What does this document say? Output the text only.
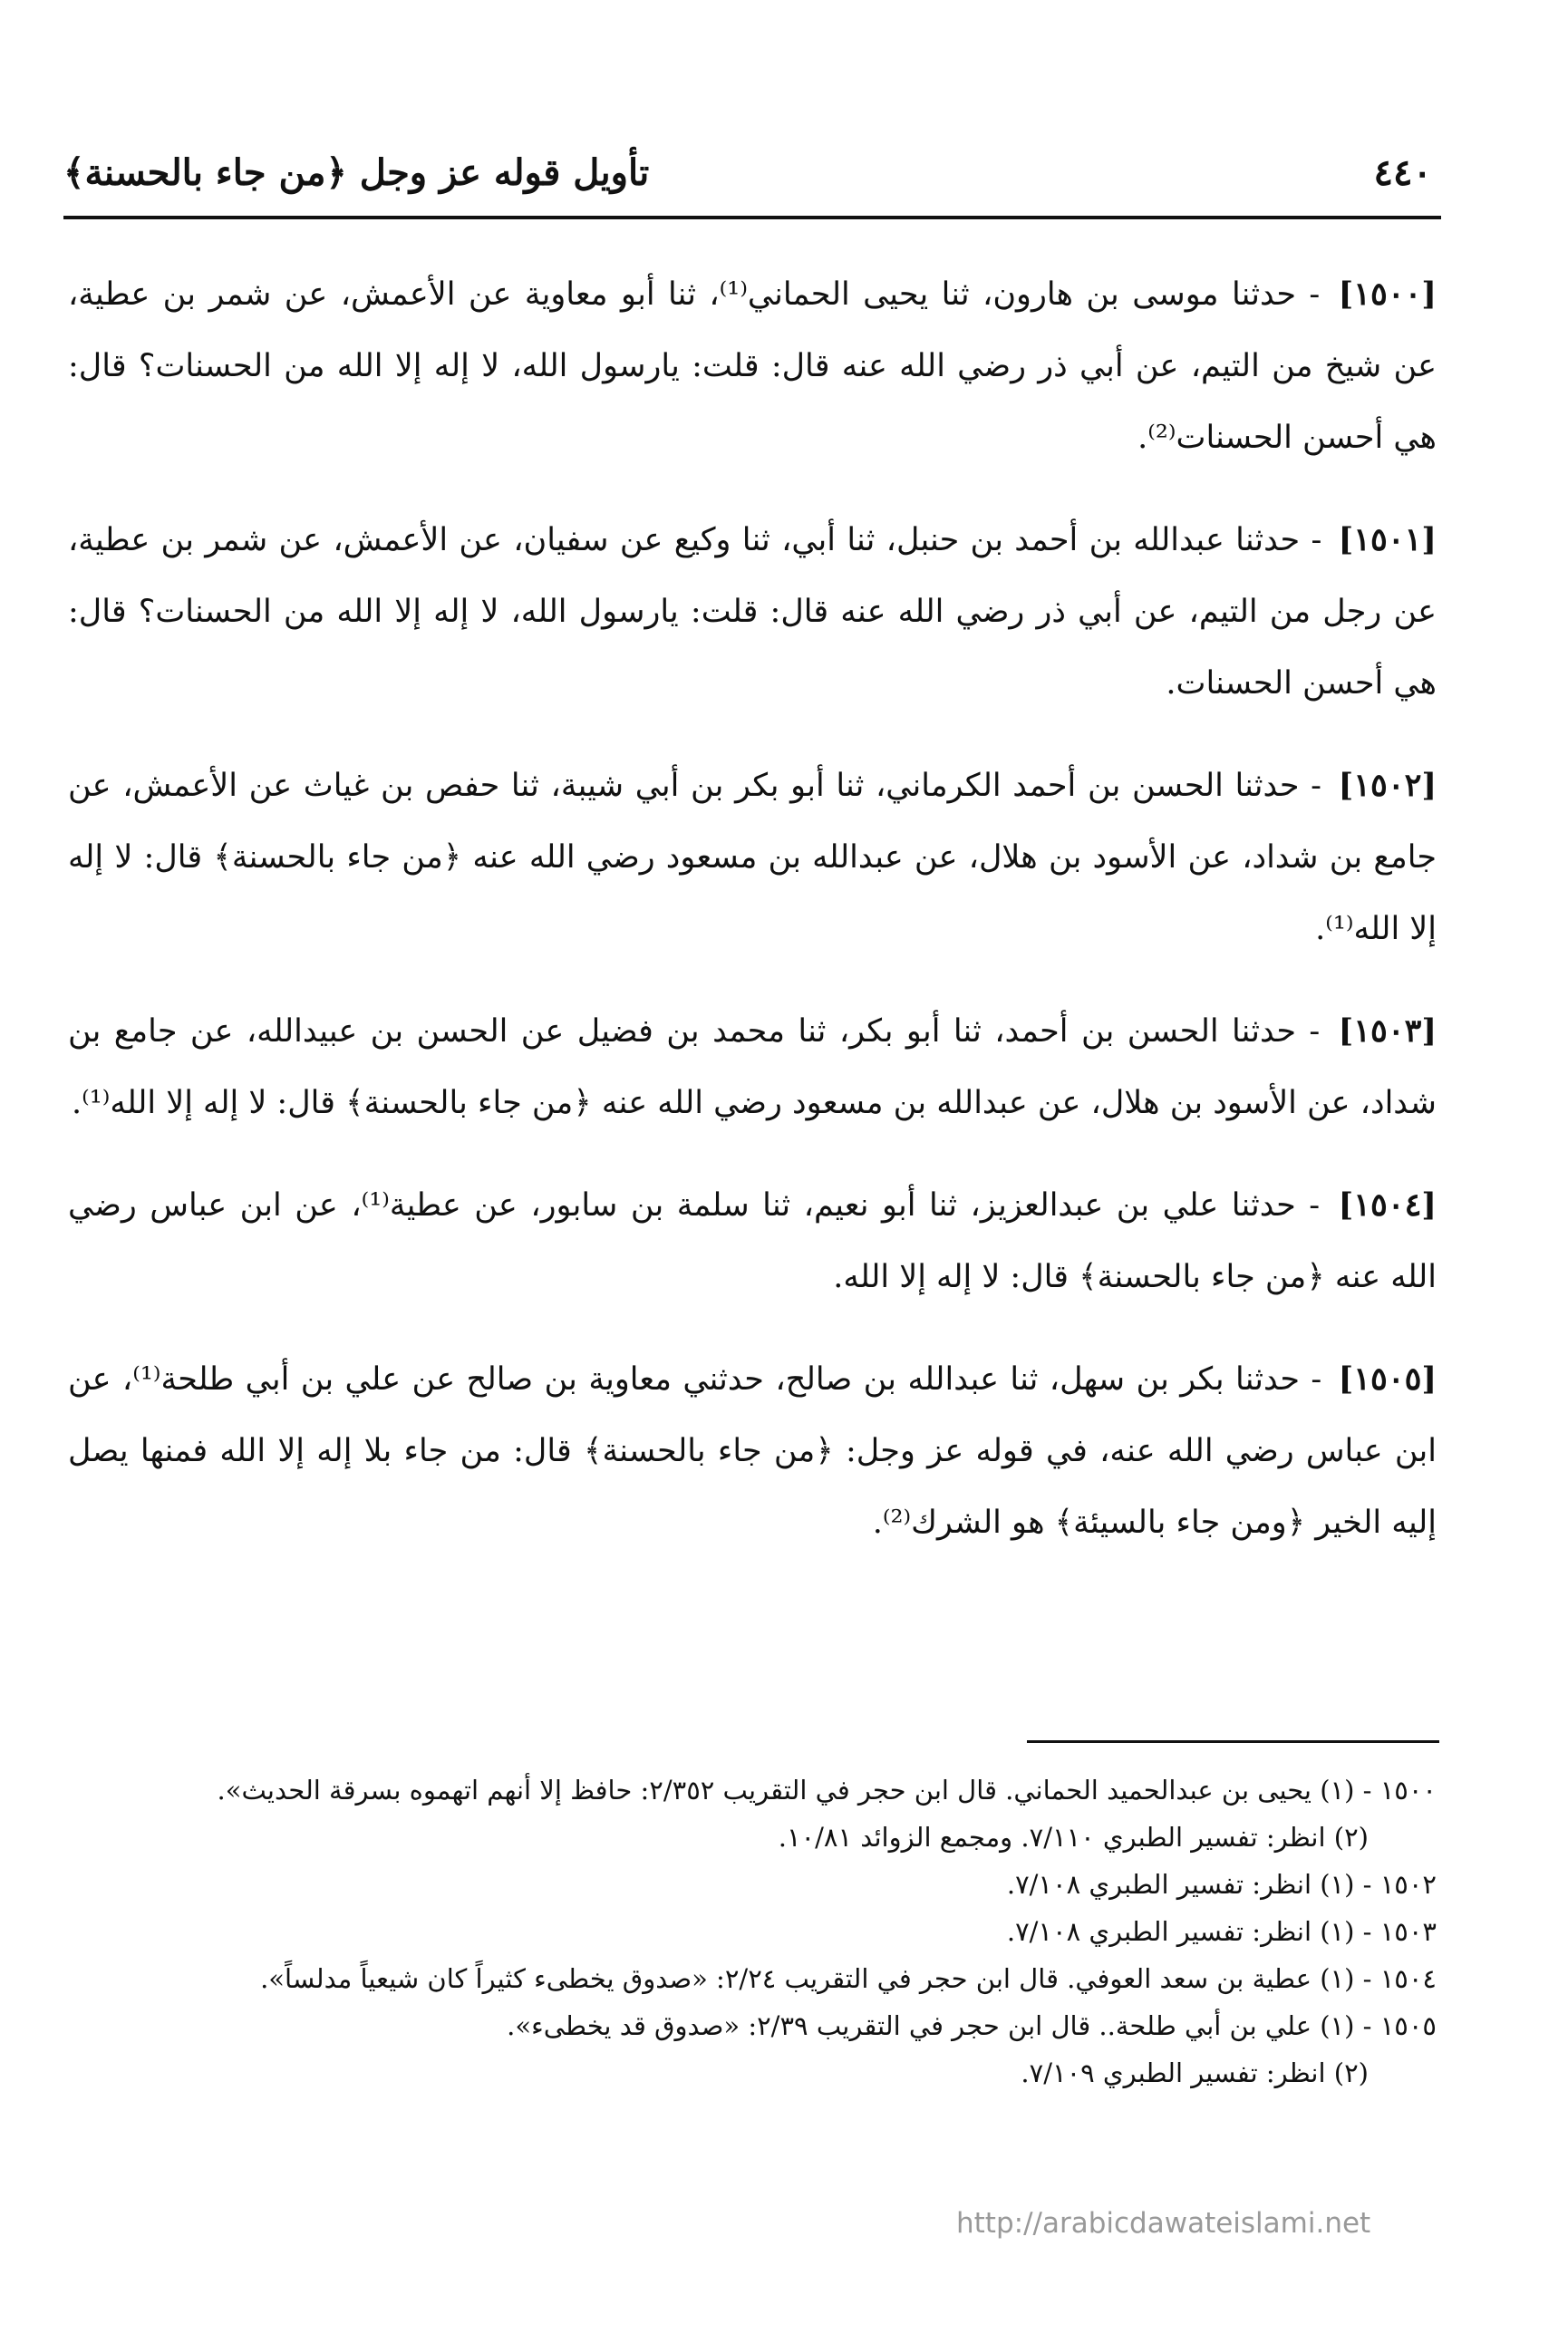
٤٤٠
تأويل قوله عز وجل ﴿من جاء بالحسنة﴾

[١٥٠٠] - حدثنا موسى بن هارون، ثنا يحيى الحماني⁽¹⁾، ثنا أبو معاوية عن الأعمش، عن شمر بن عطية، عن شيخ من التيم، عن أبي ذر رضي الله عنه قال: قلت: يارسول الله، لا إله إلا الله من الحسنات؟ قال: هي أحسن الحسنات⁽²⁾.

[١٥٠١] - حدثنا عبدالله بن أحمد بن حنبل، ثنا أبي، ثنا وكيع عن سفيان، عن الأعمش، عن شمر بن عطية، عن رجل من التيم، عن أبي ذر رضي الله عنه قال: قلت: يارسول الله، لا إله إلا الله من الحسنات؟ قال: هي أحسن الحسنات.

[١٥٠٢] - حدثنا الحسن بن أحمد الكرماني، ثنا أبو بكر بن أبي شيبة، ثنا حفص بن غياث عن الأعمش، عن جامع بن شداد، عن الأسود بن هلال، عن عبدالله بن مسعود رضي الله عنه ﴿من جاء بالحسنة﴾ قال: لا إله إلا الله⁽¹⁾.

[١٥٠٣] - حدثنا الحسن بن أحمد، ثنا أبو بكر، ثنا محمد بن فضيل عن الحسن بن عبيدالله، عن جامع بن شداد، عن الأسود بن هلال، عن عبدالله بن مسعود رضي الله عنه ﴿من جاء بالحسنة﴾ قال: لا إله إلا الله⁽¹⁾.

[١٥٠٤] - حدثنا علي بن عبدالعزيز، ثنا أبو نعيم، ثنا سلمة بن سابور، عن عطية⁽¹⁾، عن ابن عباس رضي الله عنه ﴿من جاء بالحسنة﴾ قال: لا إله إلا الله.

[١٥٠٥] - حدثنا بكر بن سهل، ثنا عبدالله بن صالح، حدثني معاوية بن صالح عن علي بن أبي طلحة⁽¹⁾، عن ابن عباس رضي الله عنه، في قوله عز وجل: ﴿من جاء بالحسنة﴾ قال: من جاء بلا إله إلا الله فمنها يصل إليه الخير ﴿ومن جاء بالسيئة﴾ هو الشرك⁽²⁾.

١٥٠٠ - (١) يحيى بن عبدالحميد الحماني. قال ابن حجر في التقريب ٢/٣٥٢: حافظ إلا أنهم اتهموه بسرقة الحديث».

(٢) انظر: تفسير الطبري ٧/١١٠. ومجمع الزوائد ١٠/٨١.

١٥٠٢ - (١) انظر: تفسير الطبري ٧/١٠٨.

١٥٠٣ - (١) انظر: تفسير الطبري ٧/١٠٨.

١٥٠٤ - (١) عطية بن سعد العوفي. قال ابن حجر في التقريب ٢/٢٤: «صدوق يخطىء كثيراً كان شيعياً مدلساً».

١٥٠٥ - (١) علي بن أبي طلحة.. قال ابن حجر في التقريب ٢/٣٩: «صدوق قد يخطىء».

(٢) انظر: تفسير الطبري ٧/١٠٩.

http://arabicdawateislami.net
